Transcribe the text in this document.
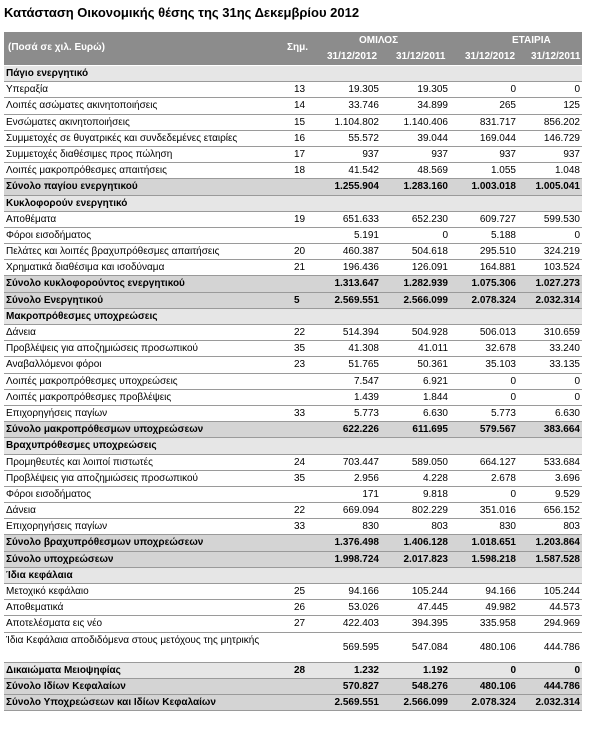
Κατάσταση Οικονομικής θέσης της 31ης Δεκεμβρίου 2012
(Ποσά σε χιλ. Ευρώ)	Σημ.
ΟΜΙΛΟΣ	ΕΤΑΙΡΙΑ
31/12/2012 31/12/2011 31/12/2012 31/12/2011
Πάγιο ενεργητικό
Υπεραξία	13	19.305	19.305	0	0
Λοιπές ασώματες ακινητοποιήσεις	14	33.746	34.899	265	125
Ενσώματες ακινητοποιήσεις	15	1.104.802 1.140.406	831.717	856.202
Συμμετοχές σε θυγατρικές και συνδεδεμένες εταιρίες	16	55.572	39.044	169.044	146.729
Συμμετοχές διαθέσιμες προς πώληση	17	937	937	937	937
Λοιπές μακροπρόθεσμες απαιτήσεις	18	41.542	48.569	1.055	1.048
Σύνολο παγίου ενεργητικού	1.255.904 1.283.160 1.003.018 1.005.041
Κυκλοφορούν ενεργητικό
Αποθέματα	19	651.633	652.230	609.727	599.530
Φόροι εισοδήματος	5.191	0	5.188	0
Πελάτες και λοιπές βραχυπρόθεσμες απαιτήσεις	20	460.387	504.618	295.510	324.219
Χρηματικά διαθέσιμα και ισοδύναμα	21	196.436	126.091	164.881	103.524
Σύνολο κυκλοφορούντος ενεργητικού	1.313.647 1.282.939 1.075.306 1.027.273
Σύνολο Ενεργητικού	5	2.569.551 2.566.099 2.078.324 2.032.314
Μακροπρόθεσμες υποχρεώσεις
Δάνεια	22	514.394	504.928	506.013	310.659
Προβλέψεις για αποζημιώσεις προσωπικού	35	41.308	41.011	32.678	33.240
Αναβαλλόμενοι φόροι	23	51.765	50.361	35.103	33.135
Λοιπές μακροπρόθεσμες υποχρεώσεις	7.547	6.921	0	0
Λοιπές μακροπρόθεσμες προβλέψεις	1.439	1.844	0	0
Επιχορηγήσεις παγίων	33	5.773	6.630	5.773	6.630
Σύνολο μακροπρόθεσμων υποχρεώσεων	622.226	611.695	579.567	383.664
Βραχυπρόθεσμες υποχρεώσεις
Προμηθευτές και λοιποί πιστωτές	24	703.447	589.050	664.127	533.684
Προβλέψεις για αποζημιώσεις προσωπικού	35	2.956	4.228	2.678	3.696
Φόροι εισοδήματος	171	9.818	0	9.529
Δάνεια	22	669.094	802.229	351.016	656.152
Επιχορηγήσεις παγίων	33	830	803	830	803
Σύνολο βραχυπρόθεσμων υποχρεώσεων	1.376.498 1.406.128 1.018.651 1.203.864
Σύνολο υποχρεώσεων	1.998.724 2.017.823 1.598.218 1.587.528
Ίδια κεφάλαια
Μετοχικό κεφάλαιο	25	94.166	105.244	94.166	105.244
Αποθεματικά	26	53.026	47.445	49.982	44.573
Αποτελέσματα εις νέο	27	422.403	394.395	335.958	294.969
Ίδια Κεφάλαια αποδιδόμενα στους μετόχους της μητρικής
569.595	547.084	480.106	444.786
Δικαιώματα Μειοψηφίας	28	1.232	1.192	0	0
Σύνολο Ιδίων Κεφαλαίων	570.827	548.276	480.106	444.786
Σύνολο Υποχρεώσεων και Ιδίων Κεφαλαίων	2.569.551 2.566.099 2.078.324 2.032.314
